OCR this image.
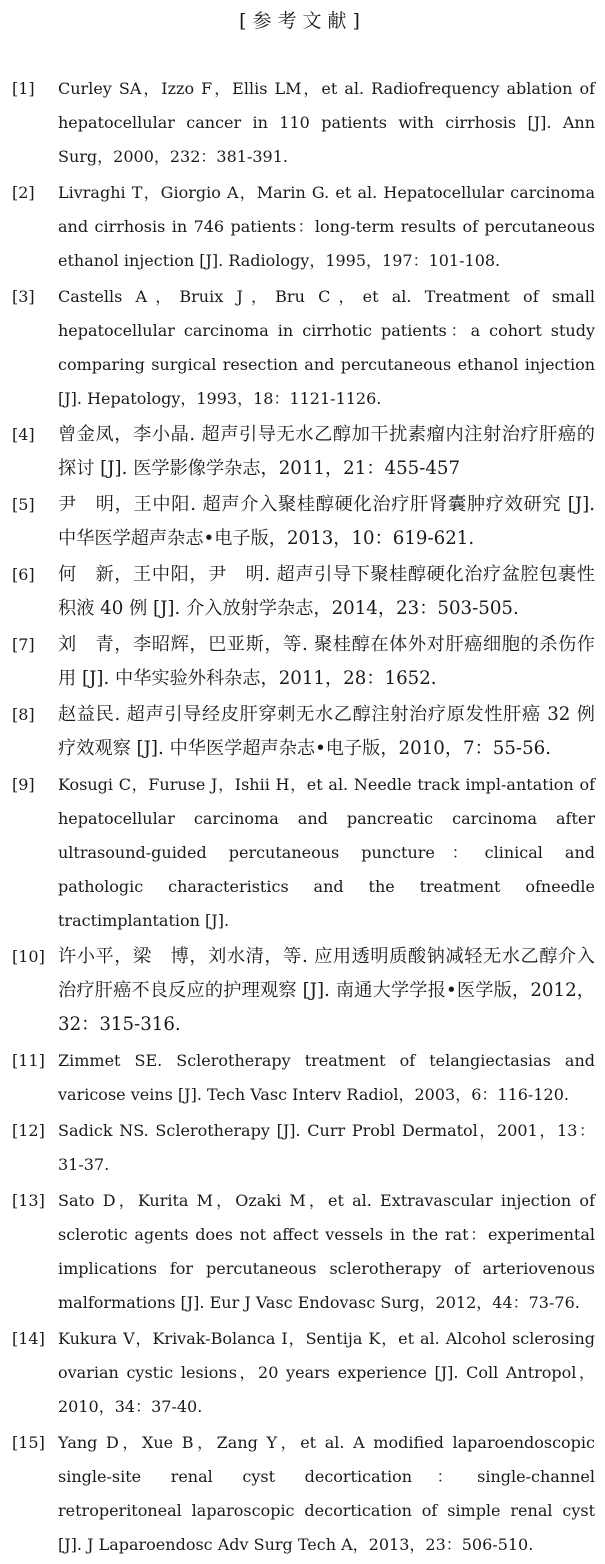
[参考文献]
[1]	Curley SA，Izzo F，Ellis LM，et al. Radiofrequency ablation of hepatocellular cancer in 110 patients with cirrhosis [J]. Ann Surg，2000，232：381-391.
[2]	Livraghi T，Giorgio A，Marin G. et al. Hepatocellular carcinoma and cirrhosis in 746 patients：long-term results of percutaneous ethanol injection [J]. Radiology，1995，197：101-108.
[3]	Castells A，Bruix J，Bru C，et al. Treatment of small hepatocellular carcinoma in cirrhotic patients：a cohort study comparing surgical resection and percutaneous ethanol injection [J]. Hepatology，1993，18：1121-1126.
[4]	曾金凤，李小晶. 超声引导无水乙醇加干扰素瘤内注射治疗肝癌的探讨 [J]. 医学影像学杂志，2011，21：455-457
[5]	尹　明，王中阳. 超声介入聚桂醇硬化治疗肝肾囊肿疗效研究 [J]. 中华医学超声杂志•电子版，2013，10：619-621.
[6]	何　新，王中阳，尹　明. 超声引导下聚桂醇硬化治疗盆腔包裹性积液 40 例 [J]. 介入放射学杂志，2014，23：503-505.
[7]	刘　青，李昭辉，巴亚斯，等. 聚桂醇在体外对肝癌细胞的杀伤作用 [J]. 中华实验外科杂志，2011，28：1652.
[8]	赵益民. 超声引导经皮肝穿刺无水乙醇注射治疗原发性肝癌 32 例疗效观察 [J]. 中华医学超声杂志•电子版，2010，7：55-56.
[9]	Kosugi C，Furuse J，Ishii H，et al. Needle track impl-antation of hepatocellular carcinoma and pancreatic carcinoma after ultrasound-guided percutaneous puncture：clinical and pathologic characteristics and the treatment ofneedle tractimplantation [J].
[10] 许小平，梁　博，刘水清，等. 应用透明质酸钠减轻无水乙醇介入治疗肝癌不良反应的护理观察 [J]. 南通大学学报•医学版，2012，32：315-316.
[11] Zimmet SE. Sclerotherapy treatment of telangiectasias and varicose veins [J]. Tech Vasc Interv Radiol，2003，6：116-120.
[12] Sadick NS. Sclerotherapy [J]. Curr Probl Dermatol，2001，13：31-37.
[13] Sato D，Kurita M，Ozaki M，et al. Extravascular injection of sclerotic agents does not affect vessels in the rat：experimental implications for percutaneous sclerotherapy of arteriovenous malformations [J]. Eur J Vasc Endovasc Surg，2012，44：73-76.
[14] Kukura V，Krivak-Bolanca I，Sentija K，et al. Alcohol sclerosing ovarian cystic lesions，20 years experience [J]. Coll Antropol，2010，34：37-40.
[15] Yang D，Xue B，Zang Y，et al. A modified laparoendoscopic single-site renal cyst decortication：single-channel retroperitoneal laparoscopic decortication of simple renal cyst [J]. J Laparoendosc Adv Surg Tech A，2013，23：506-510.
